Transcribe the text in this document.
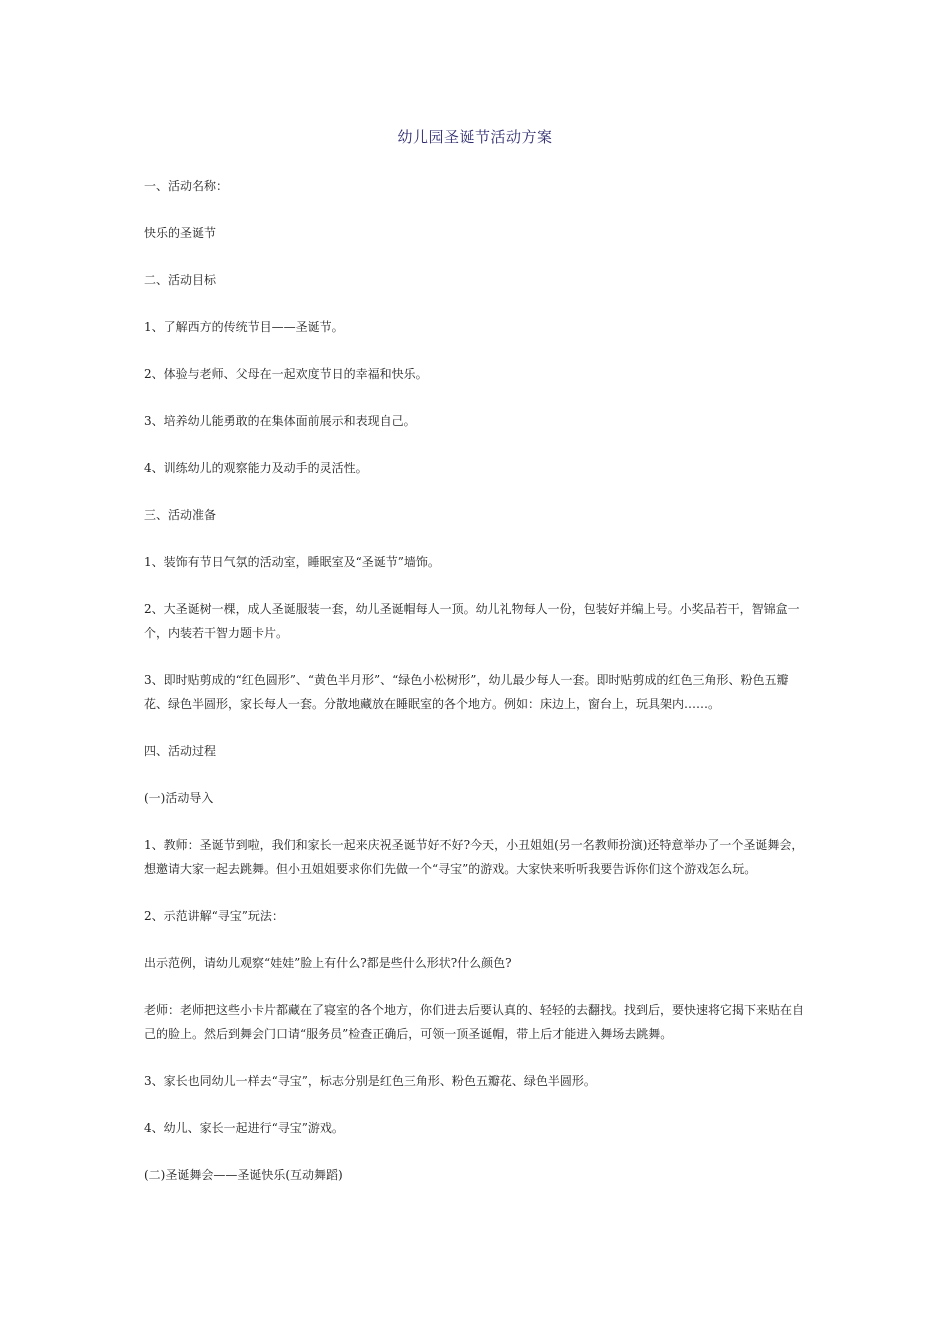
幼儿园圣诞节活动方案

一、活动名称：

快乐的圣诞节

二、活动目标

1、了解西方的传统节目——圣诞节。

2、体验与老师、父母在一起欢度节日的幸福和快乐。

3、培养幼儿能勇敢的在集体面前展示和表现自己。

4、训练幼儿的观察能力及动手的灵活性。

三、活动准备

1、装饰有节日气氛的活动室，睡眠室及“圣诞节”墙饰。

2、大圣诞树一棵，成人圣诞服装一套，幼儿圣诞帽每人一顶。幼儿礼物每人一份，包装好并编上号。小奖品若干，智锦盒一个，内装若干智力题卡片。

3、即时贴剪成的“红色圆形”、“黄色半月形”、“绿色小松树形”，幼儿最少每人一套。即时贴剪成的红色三角形、粉色五瓣花、绿色半圆形，家长每人一套。分散地藏放在睡眠室的各个地方。例如：床边上，窗台上，玩具架内……。

四、活动过程

(一)活动导入

1、教师：圣诞节到啦，我们和家长一起来庆祝圣诞节好不好?今天，小丑姐姐(另一名教师扮演)还特意举办了一个圣诞舞会，想邀请大家一起去跳舞。但小丑姐姐要求你们先做一个“寻宝”的游戏。大家快来听听我要告诉你们这个游戏怎么玩。

2、示范讲解“寻宝”玩法：

出示范例，请幼儿观察“娃娃”脸上有什么?都是些什么形状?什么颜色?

老师：老师把这些小卡片都藏在了寝室的各个地方，你们进去后要认真的、轻轻的去翻找。找到后，要快速将它揭下来贴在自己的脸上。然后到舞会门口请“服务员”检查正确后，可领一顶圣诞帽，带上后才能进入舞场去跳舞。

3、家长也同幼儿一样去“寻宝”，标志分别是红色三角形、粉色五瓣花、绿色半圆形。

4、幼儿、家长一起进行“寻宝”游戏。

(二)圣诞舞会——圣诞快乐(互动舞蹈)
